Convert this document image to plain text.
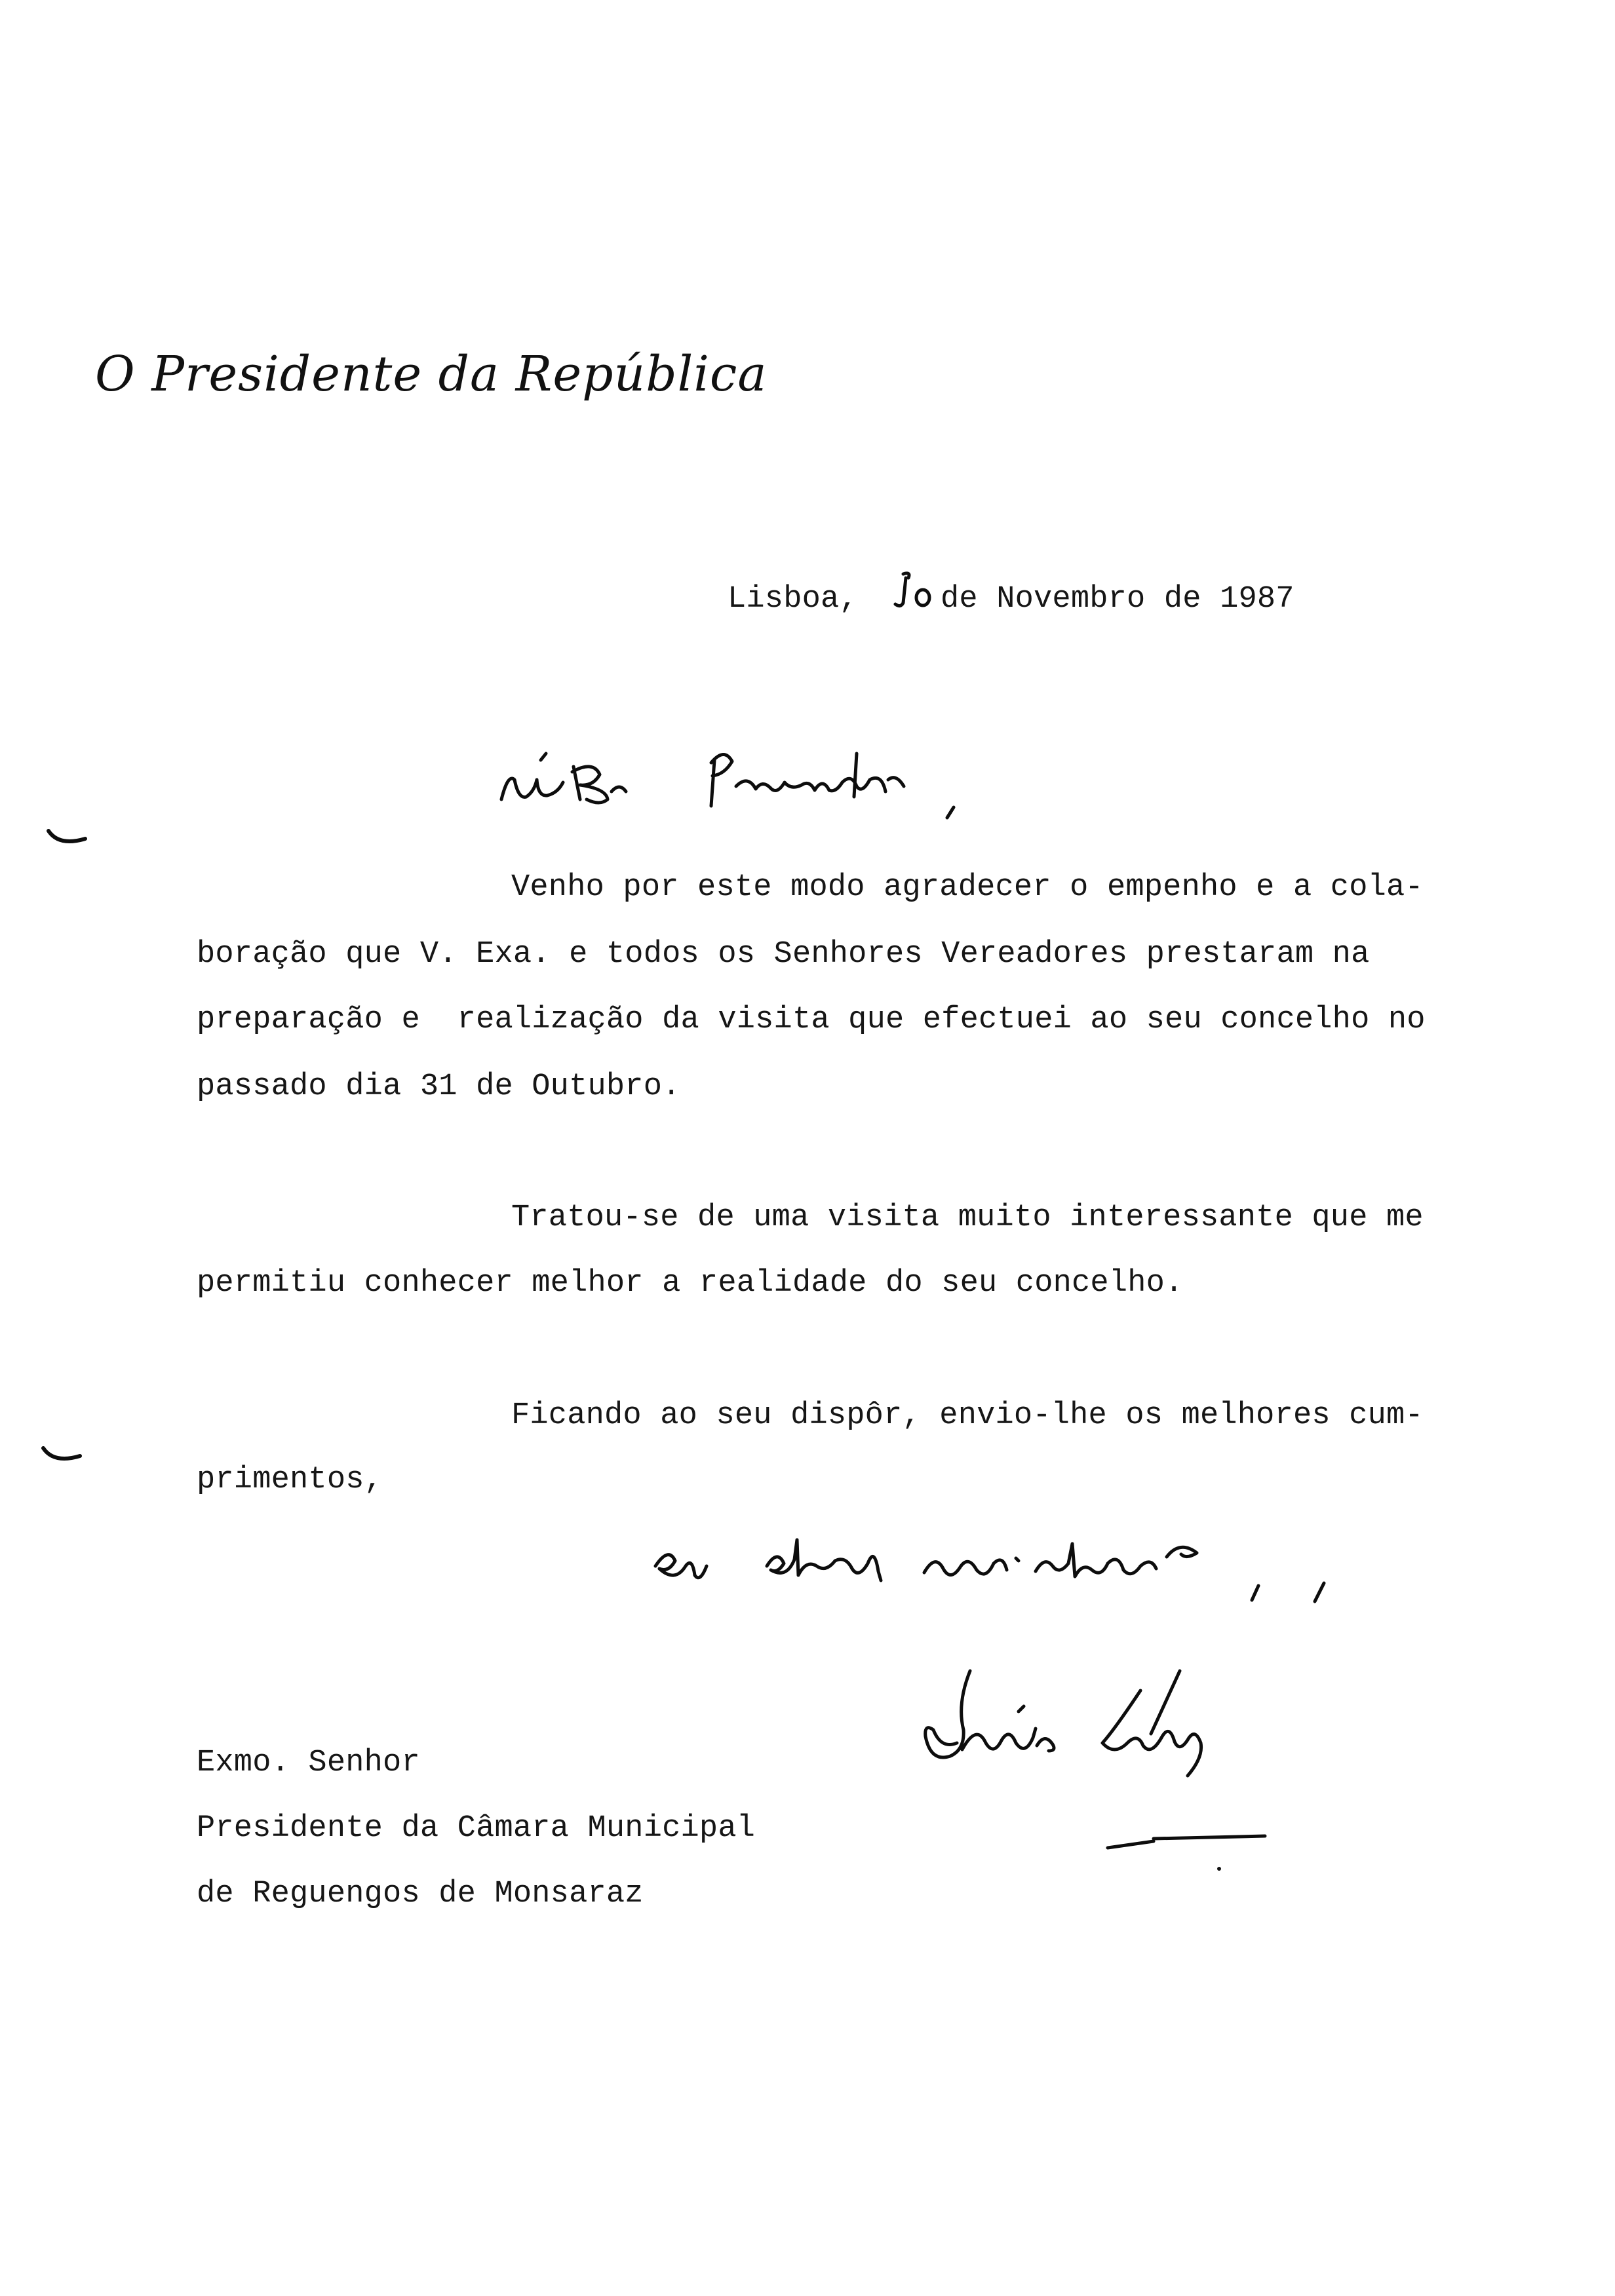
O Presidente da República
Lisboa,	de Novembro de 1987
Venho por este modo agradecer o empenho e a cola-
boração que V. Exa. e todos os Senhores Vereadores prestaram na
preparação e  realização da visita que efectuei ao seu concelho no
passado dia 31 de Outubro.
Tratou-se de uma visita muito interessante que me
permitiu conhecer melhor a realidade do seu concelho.
Ficando ao seu dispôr, envio-lhe os melhores cum-
primentos,
Exmo. Senhor
Presidente da Câmara Municipal
de Reguengos de Monsaraz
